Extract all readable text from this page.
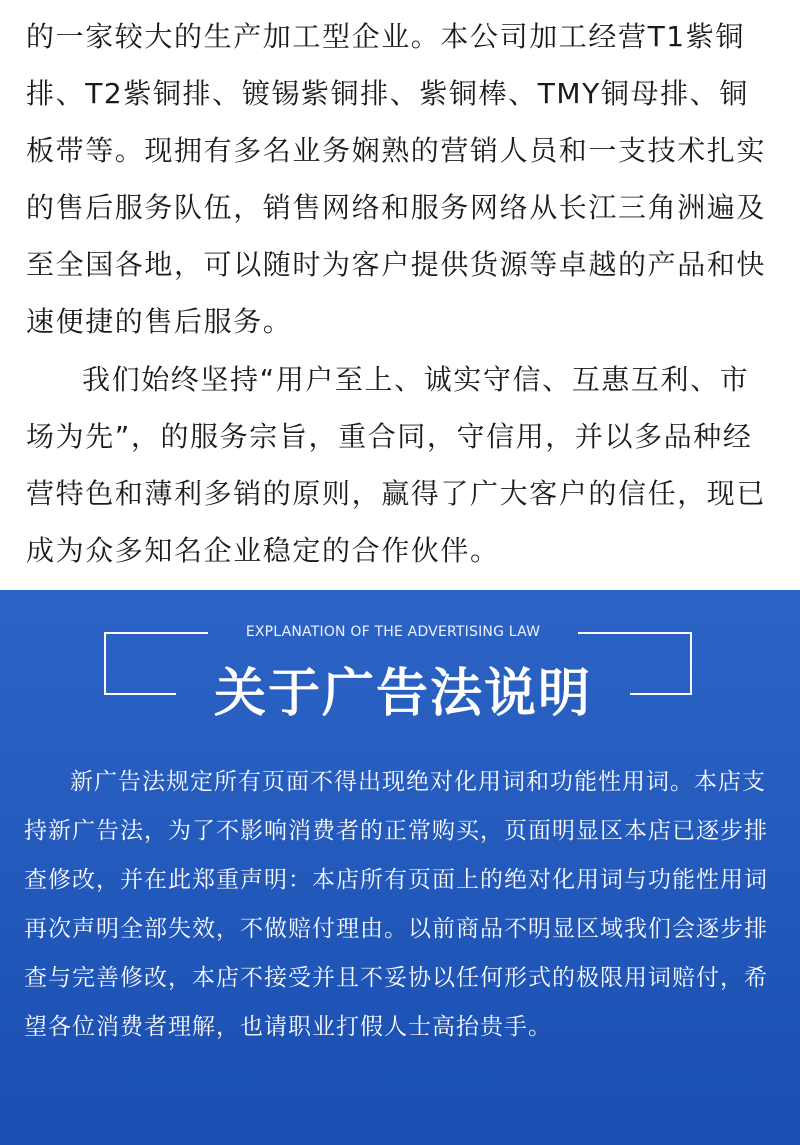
的一家较大的生产加工型企业。本公司加工经营T1紫铜排、T2紫铜排、镀锡紫铜排、紫铜棒、TMY铜母排、铜板带等。现拥有多名业务娴熟的营销人员和一支技术扎实的售后服务队伍，销售网络和服务网络从长江三角洲遍及至全国各地，可以随时为客户提供货源等卓越的产品和快速便捷的售后服务。

我们始终坚持“用户至上、诚实守信、互惠互利、市场为先”，的服务宗旨，重合同，守信用，并以多品种经营特色和薄利多销的原则，赢得了广大客户的信任，现已成为众多知名企业稳定的合作伙伴。

EXPLANATION OF THE ADVERTISING LAW
关于广告法说明

新广告法规定所有页面不得出现绝对化用词和功能性用词。本店支持新广告法，为了不影响消费者的正常购买，页面明显区本店已逐步排查修改，并在此郑重声明：本店所有页面上的绝对化用词与功能性用词再次声明全部失效，不做赔付理由。以前商品不明显区域我们会逐步排查与完善修改，本店不接受并且不妥协以任何形式的极限用词赔付，希望各位消费者理解，也请职业打假人士高抬贵手。
